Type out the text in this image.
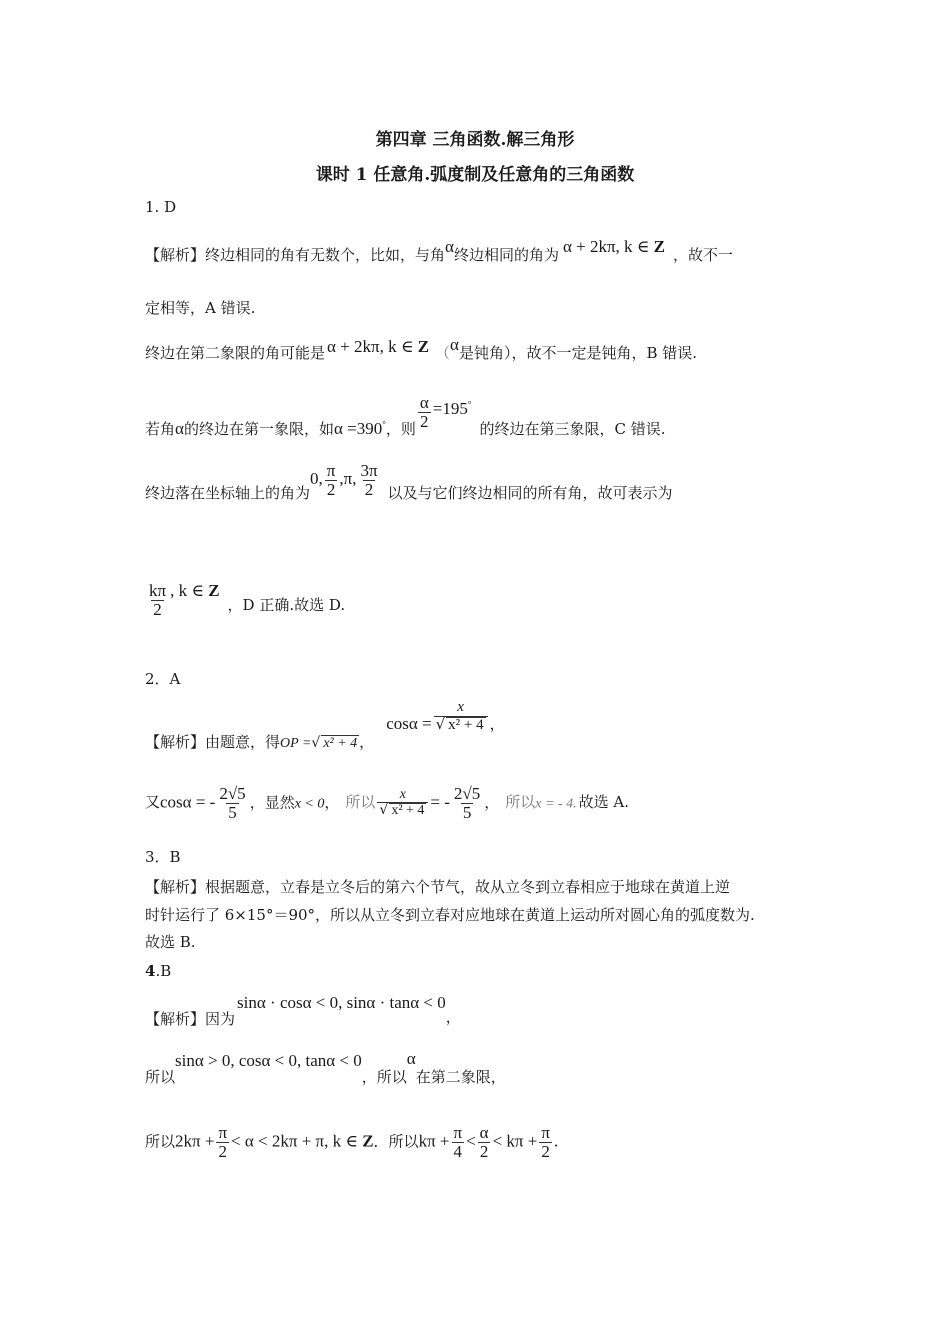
第四章 三角函数.解三角形
课时 1 任意角.弧度制及任意角的三角函数
1. D
【解析】终边相同的角有无数个，比如，与角α终边相同的角为 α + 2kπ, k ∈ Z ，故不一
定相等，A 错误.
终边在第二象限的角可能是 α + 2kπ, k ∈ Z （α是钝角），故不一定是钝角，B 错误.
若角α的终边在第一象限，如α =390°，则 $\frac{\alpha}{2} =195^\circ$的终边在第三象限，C 错误.
终边落在坐标轴上的角为0, $\frac{\pi}{2} ,\pi$, $\frac{3\pi}{2}$ 以及与它们终边相同的所有角，故可表示为
$\frac{k\pi}{2}$ , k ∈ Z，D 正确.故选 D.
2．A
【解析】由题意，得OP =√ x² + 4 ，$\cos\alpha = \frac{x}{\text{√ x² + 4}}$ ，
又cosα = - $\frac{2√5}{5}$ ，显然x < 0， 所以 $\frac{x}{\text{√ x² + 4}}$ = - $\frac{2√5}{5}$ ， 所以x = - 4. 故选 A.
3．B
【解析】根据题意，立春是立冬后的第六个节气，故从立冬到立春相应于地球在黄道上逆
时针运行了 6×15°＝90°，所以从立冬到立春对应地球在黄道上运动所对圆心角的弧度数为.
故选 B.
4.B
【解析】因为sinα · cosα < 0, sinα · tanα < 0，
所以sinα > 0, cosα < 0, tanα < 0，所以α在第二象限，
所以$2k\pi + \frac{\pi}{2} < \alpha < 2k\pi + \pi$, k ∈ Z．所以$k\pi + \frac{\pi}{4} < \frac{\alpha}{2} < k\pi + \frac{\pi}{2}$ .
